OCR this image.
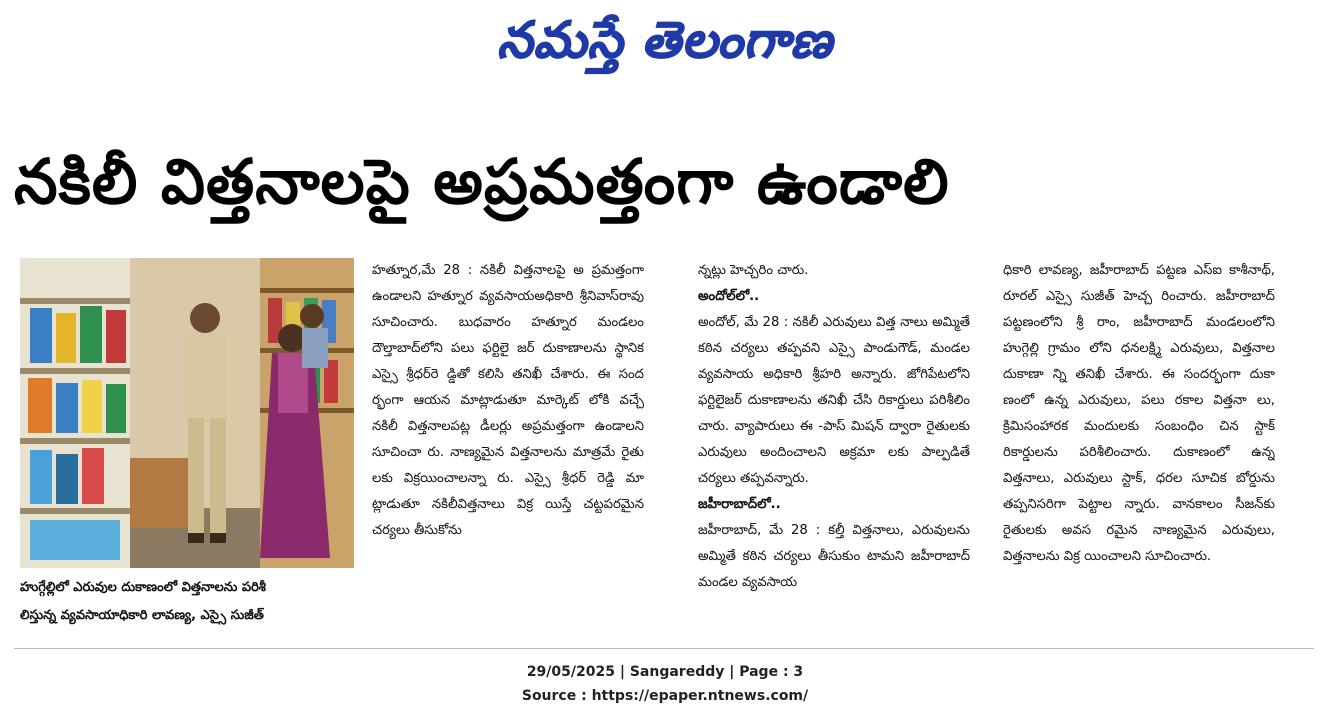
నమస్తే తెలంగాణ
నకిలీ విత్తనాలపై అప్రమత్తంగా ఉండాలి
హుగ్గేల్లిలో ఎరువుల దుకాణంలో విత్తనాలను పరిశీ
లిస్తున్న వ్యవసాయాధికారి లావణ్య, ఎస్సై సుజీత్

హత్నూర,మే 28 : నకిలీ విత్తనాలపై అ ప్రమత్తంగా ఉండాలని హత్నూర వ్యవసాయఅధికారి శ్రీనివాస్‌రావు సూచించారు. బుధవారం హత్నూర మండలం దౌల్తాబాద్‌లోని పలు ఫర్టిలై జర్ దుకాణాలను స్థానిక ఎస్సై శ్రీధర్‌రె డ్డితో కలిసి తనిఖీ చేశారు. ఈ సంద ర్భంగా ఆయన మాట్లాడుతూ మార్కెట్ లోకి వచ్చే నకిలీ విత్తనాలపట్ల డీలర్లు అప్రమత్తంగా ఉండాలని సూచించా రు. నాణ్యమైన విత్తనాలను మాత్రమే రైతు లకు విక్రయించాలన్నా రు. ఎస్సై శ్రీధర్ రెడ్డి మా ట్లాడుతూ నకిలీవిత్తనాలు విక్ర యిస్తే చట్టపరమైన చర్యలు తీసుకోను

న్నట్లు హెచ్చరిం చారు.

అందోల్‌లో..

అందోల్, మే 28 : నకిలీ ఎరువులు విత్త నాలు అమ్మితే కఠిన చర్యలు తప్పవని ఎస్సై పాండుగౌడ్, మండల వ్యవసాయ అధికారి శ్రీహరి అన్నారు. జోగిపేటలోని ఫర్టిలైజర్ దుకాణాలను తనిఖీ చేసి రికార్డులు పరిశీలిం చారు. వ్యాపారులు ఈ -పాస్ మిషన్ ద్వారా రైతులకు ఎరువులు అందించాలని అక్రమా లకు పాల్పడితే చర్యలు తప్పవన్నారు.

జహీరాబాద్‌లో..

జహీరాబాద్, మే 28 : కల్తీ విత్తనాలు, ఎరువులను అమ్మితే కఠిన చర్యలు తీసుకుం టామని జహీరాబాద్ మండల వ్యవసాయ

ధికారి లావణ్య, జహీరాబాద్ పట్టణ ఎస్ఐ కాశీనాథ్, రూరల్ ఎస్సై సుజీత్ హెచ్చ రించారు. జహీరాబాద్ పట్టణంలోని శ్రీ రాం, జహీరాబాద్ మండలంలోని హుగ్గెల్లి గ్రామం లోని ధనలక్ష్మి ఎరువులు, విత్తనాల దుకాణా న్ని తనిఖీ చేశారు. ఈ సందర్భంగా దుకా ణంలో ఉన్న ఎరువులు, పలు రకాల విత్తనా లు, క్రిమిసంహారక మందులకు సంబంధిం చిన స్టాక్ రికార్డులను పరిశీలించారు. దుకాణంలో ఉన్న విత్తనాలు, ఎరువులు స్టాక్, ధరల సూచిక బోర్డును తప్పనిసరిగా పెట్టాల న్నారు. వానకాలం సీజన్‌కు రైతులకు అవస రమైన నాణ్యమైన ఎరువులు, విత్తనాలను విక్ర యించాలని సూచించారు.

29/05/2025 | Sangareddy | Page : 3
Source : https://epaper.ntnews.com/
